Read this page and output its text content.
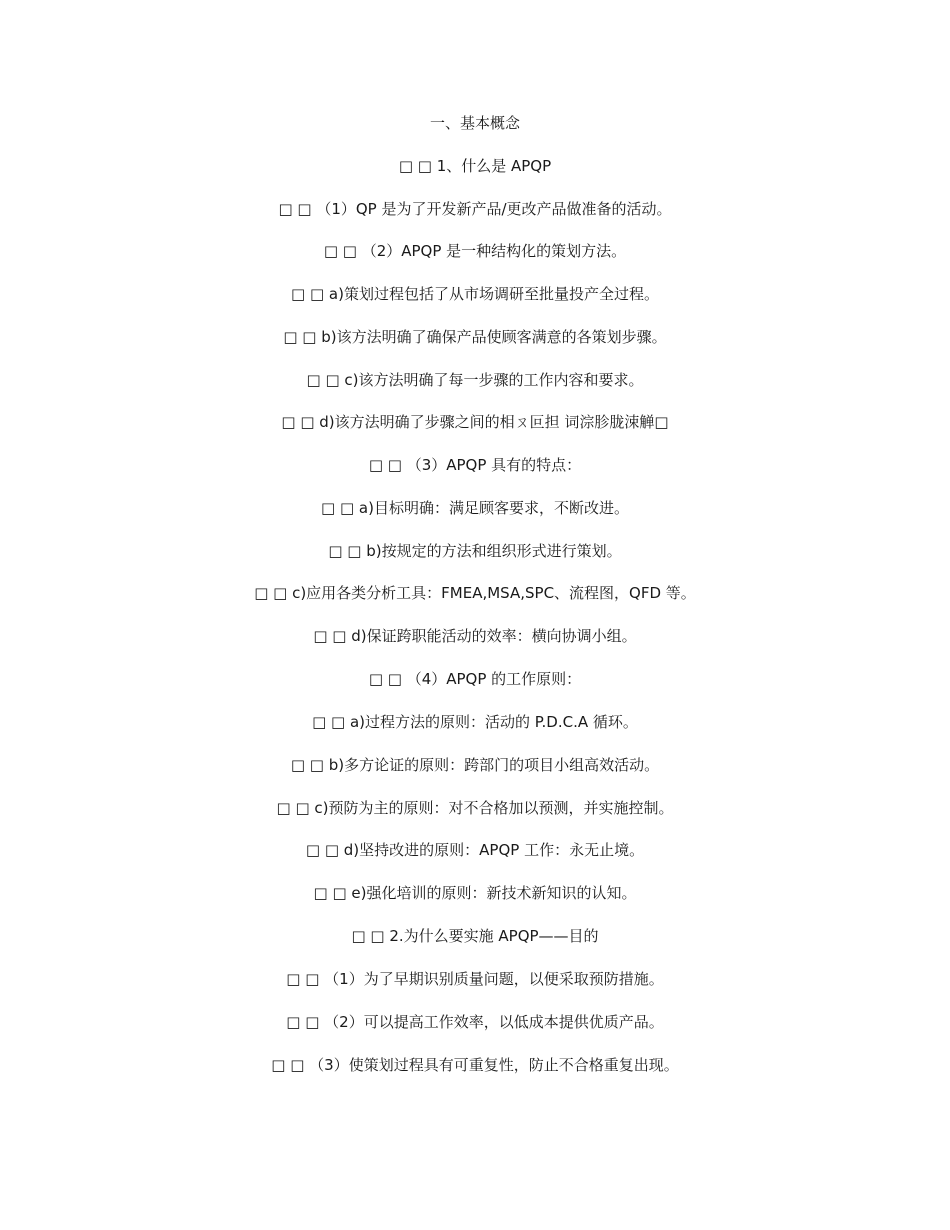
一、基本概念
□ □ 1、什么是 APQP
□ □ （1）QP 是为了开发新产品/更改产品做准备的活动。
□ □ （2）APQP 是一种结构化的策划方法。
□ □ a)策划过程包括了从市场调研至批量投产全过程。
□ □ b)该方法明确了确保产品使顾客满意的各策划步骤。
□ □ c)该方法明确了每一步骤的工作内容和要求。
□ □ d)该方法明确了步骤之间的相ㄡ叵担 词淙胗胧涑觯□
□ □ （3）APQP 具有的特点：
□ □ a)目标明确：满足顾客要求，不断改进。
□ □ b)按规定的方法和组织形式进行策划。
□ □ c)应用各类分析工具：FMEA,MSA,SPC、流程图，QFD 等。
□ □ d)保证跨职能活动的效率：横向协调小组。
□ □ （4）APQP 的工作原则：
□ □ a)过程方法的原则：活动的 P.D.C.A 循环。
□ □ b)多方论证的原则：跨部门的项目小组高效活动。
□ □ c)预防为主的原则：对不合格加以预测，并实施控制。
□ □ d)坚持改进的原则：APQP 工作：永无止境。
□ □ e)强化培训的原则：新技术新知识的认知。
□ □ 2.为什么要实施 APQP——目的
□ □ （1）为了早期识别质量问题，以便采取预防措施。
□ □ （2）可以提高工作效率，以低成本提供优质产品。
□ □ （3）使策划过程具有可重复性，防止不合格重复出现。
